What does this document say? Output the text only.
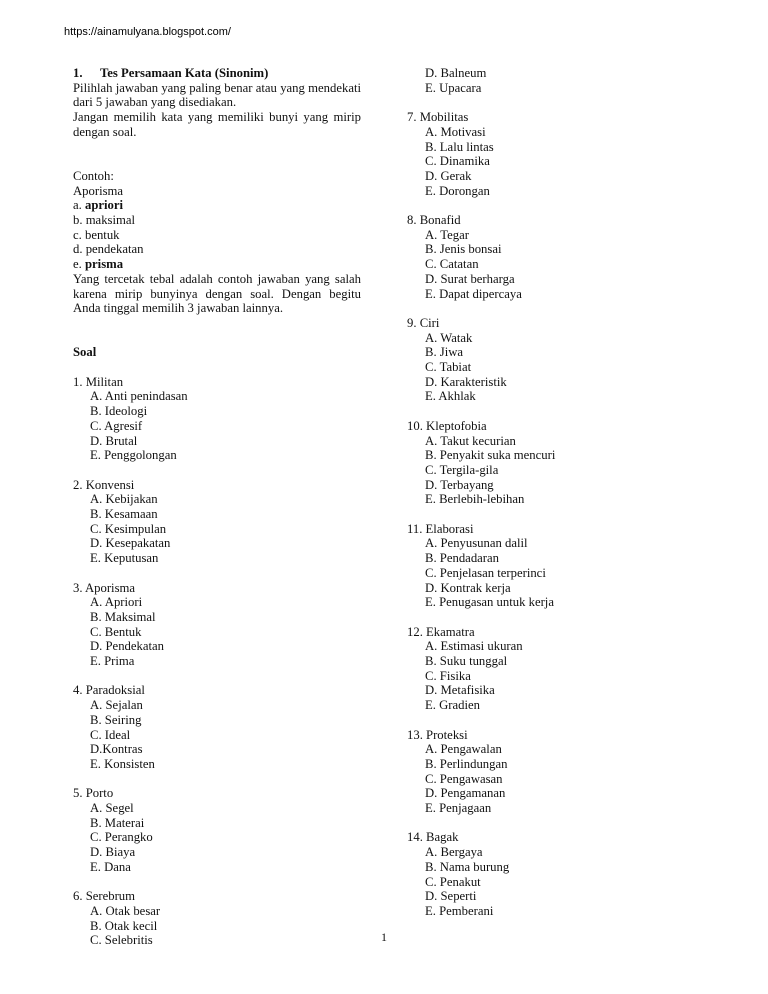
https://ainamulyana.blogspot.com/

1. Tes Persamaan Kata (Sinonim)

Pilihlah jawaban yang paling benar atau yang mendekati dari 5 jawaban yang disediakan.

Jangan memilih kata yang memiliki bunyi yang mirip dengan soal.

Contoh:

Aporisma

a. apriori

b. maksimal

c. bentuk

d. pendekatan

e. prisma

Yang tercetak tebal adalah contoh jawaban yang salah karena mirip bunyinya dengan soal. Dengan begitu Anda tinggal memilih 3 jawaban lainnya.

Soal

1. Militan

A. Anti penindasan

B. Ideologi

C. Agresif

D. Brutal

E. Penggolongan

2. Konvensi

A. Kebijakan

B. Kesamaan

C. Kesimpulan

D. Kesepakatan

E. Keputusan

3. Aporisma

A. Apriori

B. Maksimal

C. Bentuk

D. Pendekatan

E. Prima

4. Paradoksial

A. Sejalan

B. Seiring

C. Ideal

D.Kontras

E. Konsisten

5. Porto

A. Segel

B. Materai

C. Perangko

D. Biaya

E. Dana

6. Serebrum

A. Otak besar

B. Otak kecil

C. Selebritis

D. Balneum

E. Upacara

7. Mobilitas

A. Motivasi

B. Lalu lintas

C. Dinamika

D. Gerak

E. Dorongan

8. Bonafid

A. Tegar

B. Jenis bonsai

C. Catatan

D. Surat berharga

E. Dapat dipercaya

9. Ciri

A. Watak

B. Jiwa

C. Tabiat

D. Karakteristik

E. Akhlak

10. Kleptofobia

A. Takut kecurian

B. Penyakit suka mencuri

C. Tergila-gila

D. Terbayang

E. Berlebih-lebihan

11. Elaborasi

A. Penyusunan dalil

B. Pendadaran

C. Penjelasan terperinci

D. Kontrak kerja

E. Penugasan untuk kerja

12. Ekamatra

A. Estimasi ukuran

B. Suku tunggal

C. Fisika

D. Metafisika

E. Gradien

13. Proteksi

A. Pengawalan

B. Perlindungan

C. Pengawasan

D. Pengamanan

E. Penjagaan

14. Bagak

A. Bergaya

B. Nama burung

C. Penakut

D. Seperti

E. Pemberani

1
